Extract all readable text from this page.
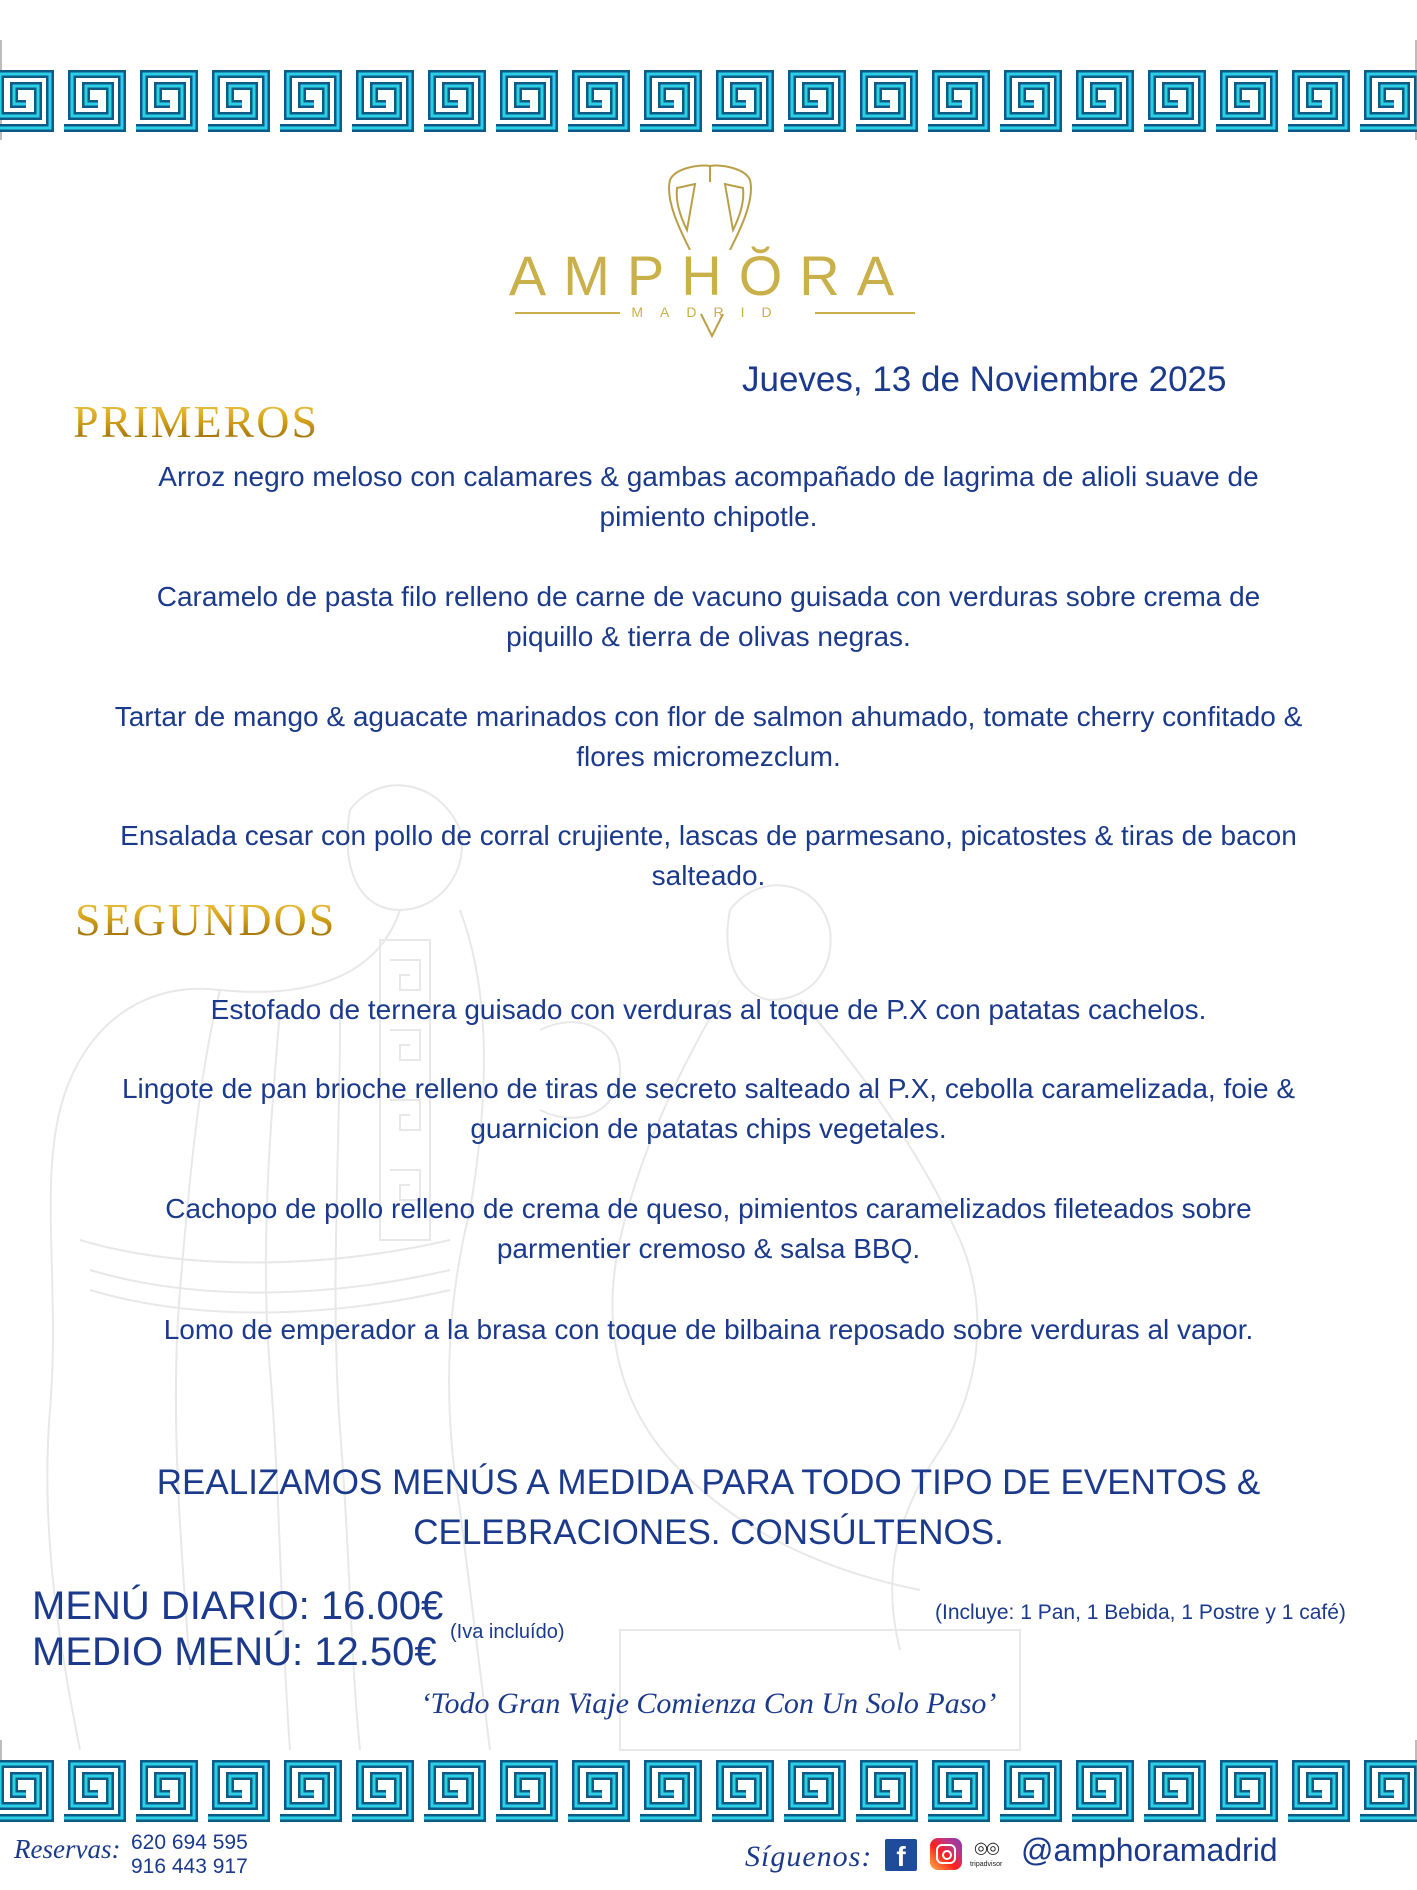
AMPHŎRA
MADRID
Jueves, 13 de Noviembre 2025
PRIMEROS
Arroz negro meloso con calamares & gambas acompañado de lagrima de alioli suave de
pimiento chipotle.
Caramelo de pasta filo relleno de carne de vacuno guisada con verduras sobre crema de
piquillo & tierra de olivas negras.
Tartar de mango & aguacate marinados con flor de salmon ahumado, tomate cherry confitado &
flores micromezclum.
Ensalada cesar con pollo de corral crujiente, lascas de parmesano, picatostes & tiras de bacon
salteado.
SEGUNDOS
Estofado de ternera guisado con verduras al toque de P.X con patatas cachelos.
Lingote de pan brioche relleno de tiras de secreto salteado al P.X, cebolla caramelizada, foie &
guarnicion de patatas chips vegetales.
Cachopo de pollo relleno de crema de queso, pimientos caramelizados fileteados sobre
parmentier cremoso & salsa BBQ.
Lomo de emperador a la brasa con toque de bilbaina reposado sobre verduras al vapor.
REALIZAMOS MENÚS A MEDIDA PARA TODO TIPO DE EVENTOS &
CELEBRACIONES. CONSÚLTENOS.
MENÚ DIARIO: 16.00€
MEDIO MENÚ: 12.50€ (Iva incluído)
(Incluye: 1 Pan, 1 Bebida, 1 Postre y 1 café)
‘Todo Gran Viaje Comienza Con Un Solo Paso’
Reservas: 620 694 595
916 443 917	Síguenos: f	◎◎
tripadvisor @amphoramadrid
